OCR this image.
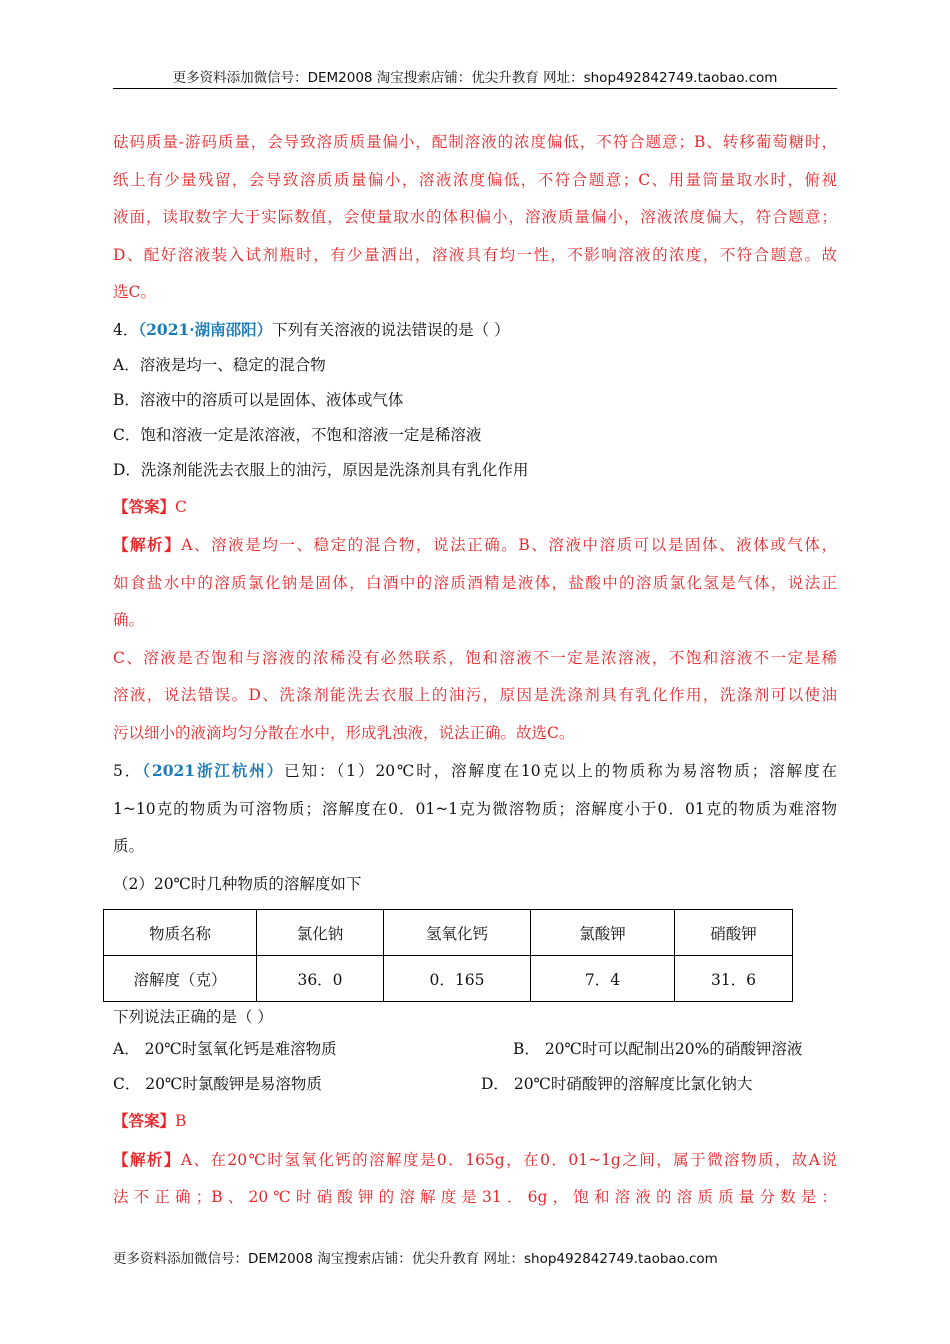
更多资料添加微信号：DEM2008 淘宝搜索店铺：优尖升教育 网址：shop492842749.taobao.com

砝码质量-游码质量，会导致溶质质量偏小，配制溶液的浓度偏低，不符合题意；B、转移葡萄糖时，

纸上有少量残留，会导致溶质质量偏小，溶液浓度偏低，不符合题意；C、用量筒量取水时，俯视

液面，读取数字大于实际数值，会使量取水的体积偏小，溶液质量偏小，溶液浓度偏大，符合题意；

D、配好溶液装入试剂瓶时，有少量洒出，溶液具有均一性，不影响溶液的浓度，不符合题意。故

选C。

4．（2021·湖南邵阳）下列有关溶液的说法错误的是（ ）

A．溶液是均一、稳定的混合物

B．溶液中的溶质可以是固体、液体或气体

C．饱和溶液一定是浓溶液，不饱和溶液一定是稀溶液

D．洗涤剂能洗去衣服上的油污，原因是洗涤剂具有乳化作用

【答案】C

【解析】A、溶液是均一、稳定的混合物，说法正确。B、溶液中溶质可以是固体、液体或气体，

如食盐水中的溶质氯化钠是固体，白酒中的溶质酒精是液体，盐酸中的溶质氯化氢是气体，说法正

确。

C、溶液是否饱和与溶液的浓稀没有必然联系，饱和溶液不一定是浓溶液，不饱和溶液不一定是稀

溶液，说法错误。D、洗涤剂能洗去衣服上的油污，原因是洗涤剂具有乳化作用，洗涤剂可以使油

污以细小的液滴均匀分散在水中，形成乳浊液，说法正确。故选C。

5．（2021浙江杭州）已知：（1）20℃时，溶解度在10克以上的物质称为易溶物质；溶解度在

1~10克的物质为可溶物质；溶解度在0．01~1克为微溶物质；溶解度小于0．01克的物质为难溶物

质。

（2）20℃时几种物质的溶解度如下

物质名称	氯化钠	氢氧化钙	氯酸钾	硝酸钾
溶解度（克）	36．0	0．165	7．4	31．6

下列说法正确的是（ ）

A． 20℃时氢氧化钙是难溶物质	B． 20℃时可以配制出20%的硝酸钾溶液
C． 20℃时氯酸钾是易溶物质	D． 20℃时硝酸钾的溶解度比氯化钠大

【答案】B

【解析】A、在20℃时氢氧化钙的溶解度是0．165g，在0．01~1g之间，属于微溶物质，故A说

法不正确；B、20℃时硝酸钾的溶解度是31．6g，饱和溶液的溶质质量分数是：

更多资料添加微信号：DEM2008 淘宝搜索店铺：优尖升教育 网址：shop492842749.taobao.com
